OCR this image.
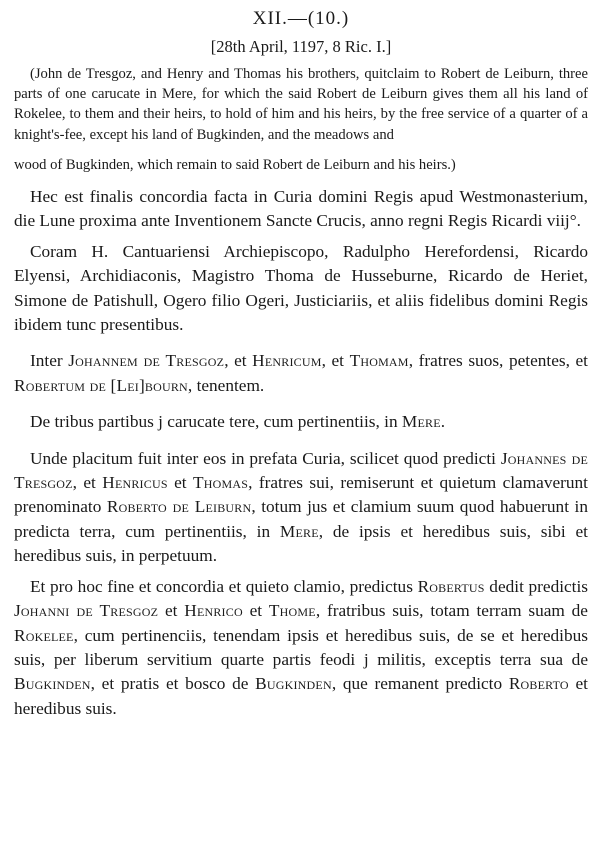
XII.—(10.)

[28th April, 1197, 8 Ric. I.]

(John de Tresgoz, and Henry and Thomas his brothers, quitclaim to Robert de Leiburn, three parts of one carucate in Mere, for which the said Robert de Leiburn gives them all his land of Rokelee, to them and their heirs, to hold of him and his heirs, by the free service of a quarter of a knight's-fee, except his land of Bugkinden, and the meadows and

wood of Bugkinden, which remain to said Robert de Leiburn and his heirs.)

Hec est finalis concordia facta in Curia domini Regis apud Westmonasterium, die Lune proxima ante Inventionem Sancte Crucis, anno regni Regis Ricardi viij°.

Coram H. Cantuariensi Archiepiscopo, Radulpho Herefordensi, Ricardo Elyensi, Archidiaconis, Magistro Thoma de Husseburne, Ricardo de Heriet, Simone de Patishull, Ogero filio Ogeri, Justiciariis, et aliis fidelibus domini Regis ibidem tunc presentibus.

Inter Johannem de Tresgoz, et Henricum, et Thomam, fratres suos, petentes, et Robertum de [Lei]bourn, tenentem.

De tribus partibus j carucate tere, cum pertinentiis, in Mere.

Unde placitum fuit inter eos in prefata Curia, scilicet quod predicti Johannes de Tresgoz, et Henricus et Thomas, fratres sui, remiserunt et quietum clamaverunt prenominato Roberto de Leiburn, totum jus et clamium suum quod habuerunt in predicta terra, cum pertinentiis, in Mere, de ipsis et heredibus suis, sibi et heredibus suis, in perpetuum.

Et pro hoc fine et concordia et quieto clamio, predictus Robertus dedit predictis Johanni de Tresgoz et Henrico et Thome, fratribus suis, totam terram suam de Rokelee, cum pertinenciis, tenendam ipsis et heredibus suis, de se et heredibus suis, per liberum servitium quarte partis feodi j militis, exceptis terra sua de Bugkinden, et pratis et bosco de Bugkinden, que remanent predicto Roberto et heredibus suis.
